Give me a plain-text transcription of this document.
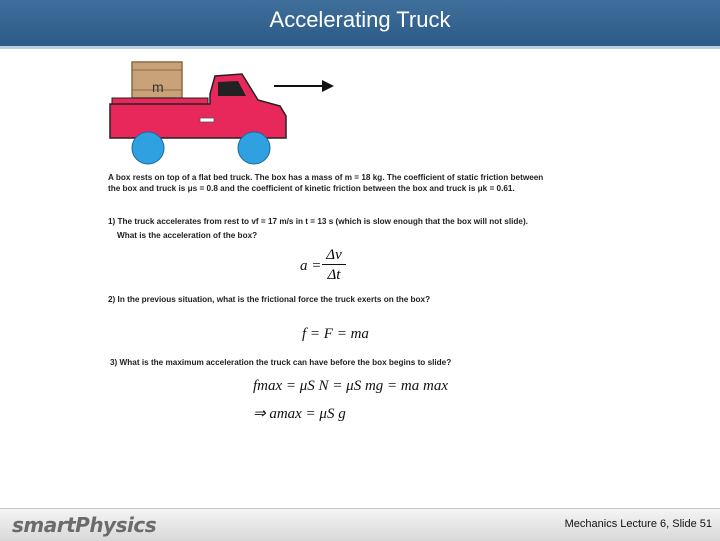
Accelerating Truck
m
A box rests on top of a flat bed truck. The box has a mass of m = 18 kg. The coefficient of static friction between
the box and truck is μs = 0.8 and the coefficient of kinetic friction between the box and truck is μk = 0.61.
1) The truck accelerates from rest to vf = 17 m/s in t = 13 s (which is slow enough that the box will not slide).
What is the acceleration of the box?
a =
Δv
Δt
2) In the previous situation, what is the frictional force the truck exerts on the box?
f = F = ma
3) What is the maximum acceleration the truck can have before the box begins to slide?
fmax = μS N = μS mg = ma max
⇒ amax = μS g
smartPhysics	Mechanics Lecture 6, Slide 51
